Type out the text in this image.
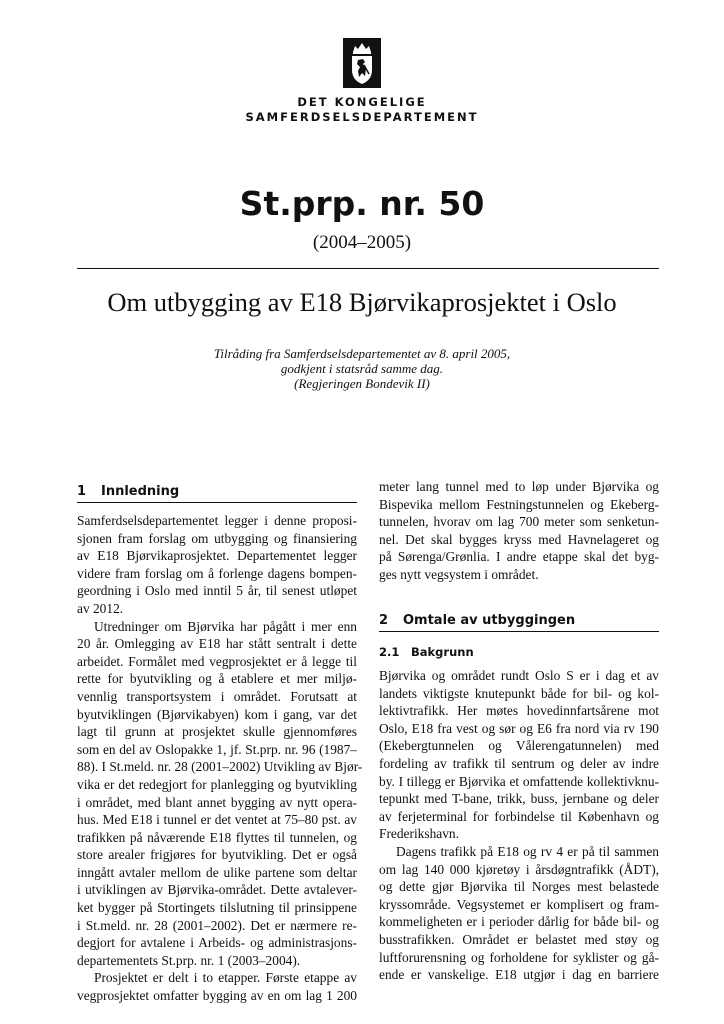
DET KONGELIGE
SAMFERDSELSDEPARTEMENT
St.prp. nr. 50
(2004–2005)
Om utbygging av E18 Bjørvikaprosjektet i Oslo
Tilråding fra Samferdselsdepartementet av 8. april 2005,
godkjent i statsråd samme dag.
(Regjeringen Bondevik II)
1 Innledning
Samferdselsdepartementet legger i denne proposi-
sjonen fram forslag om utbygging og finansiering
av E18 Bjørvikaprosjektet. Departementet legger
videre fram forslag om å forlenge dagens bompen-
geordning i Oslo med inntil 5 år, til senest utløpet
av 2012.
Utredninger om Bjørvika har pågått i mer enn
20 år. Omlegging av E18 har stått sentralt i dette
arbeidet. Formålet med vegprosjektet er å legge til
rette for byutvikling og å etablere et mer miljø-
vennlig transportsystem i området. Forutsatt at
byutviklingen (Bjørvikabyen) kom i gang, var det
lagt til grunn at prosjektet skulle gjennomføres
som en del av Oslopakke 1, jf. St.prp. nr. 96 (1987–
88). I St.meld. nr. 28 (2001–2002) Utvikling av Bjør-
vika er det redegjort for planlegging og byutvikling
i området, med blant annet bygging av nytt opera-
hus. Med E18 i tunnel er det ventet at 75–80 pst. av
trafikken på nåværende E18 flyttes til tunnelen, og
store arealer frigjøres for byutvikling. Det er også
inngått avtaler mellom de ulike partene som deltar
i utviklingen av Bjørvika-området. Dette avtalever-
ket bygger på Stortingets tilslutning til prinsippene
i St.meld. nr. 28 (2001–2002). Det er nærmere re-
degjort for avtalene i Arbeids- og administrasjons-
departementets St.prp. nr. 1 (2003–2004).
Prosjektet er delt i to etapper. Første etappe av
vegprosjektet omfatter bygging av en om lag 1 200
meter lang tunnel med to løp under Bjørvika og
Bispevika mellom Festningstunnelen og Ekeberg-
tunnelen, hvorav om lag 700 meter som senketun-
nel. Det skal bygges kryss med Havnelageret og
på Sørenga/Grønlia. I andre etappe skal det byg-
ges nytt vegsystem i området.
2 Omtale av utbyggingen
2.1 Bakgrunn
Bjørvika og området rundt Oslo S er i dag et av
landets viktigste knutepunkt både for bil- og kol-
lektivtrafikk. Her møtes hovedinnfartsårene mot
Oslo, E18 fra vest og sør og E6 fra nord via rv 190
(Ekebergtunnelen og Vålerengatunnelen) med
fordeling av trafikk til sentrum og deler av indre
by. I tillegg er Bjørvika et omfattende kollektivknu-
tepunkt med T-bane, trikk, buss, jernbane og deler
av ferjeterminal for forbindelse til København og
Frederikshavn.
Dagens trafikk på E18 og rv 4 er på til sammen
om lag 140 000 kjøretøy i årsdøgntrafikk (ÅDT),
og dette gjør Bjørvika til Norges mest belastede
kryssområde. Vegsystemet er komplisert og fram-
kommeligheten er i perioder dårlig for både bil- og
busstrafikken. Området er belastet med støy og
luftforurensning og forholdene for syklister og gå-
ende er vanskelige. E18 utgjør i dag en barriere
